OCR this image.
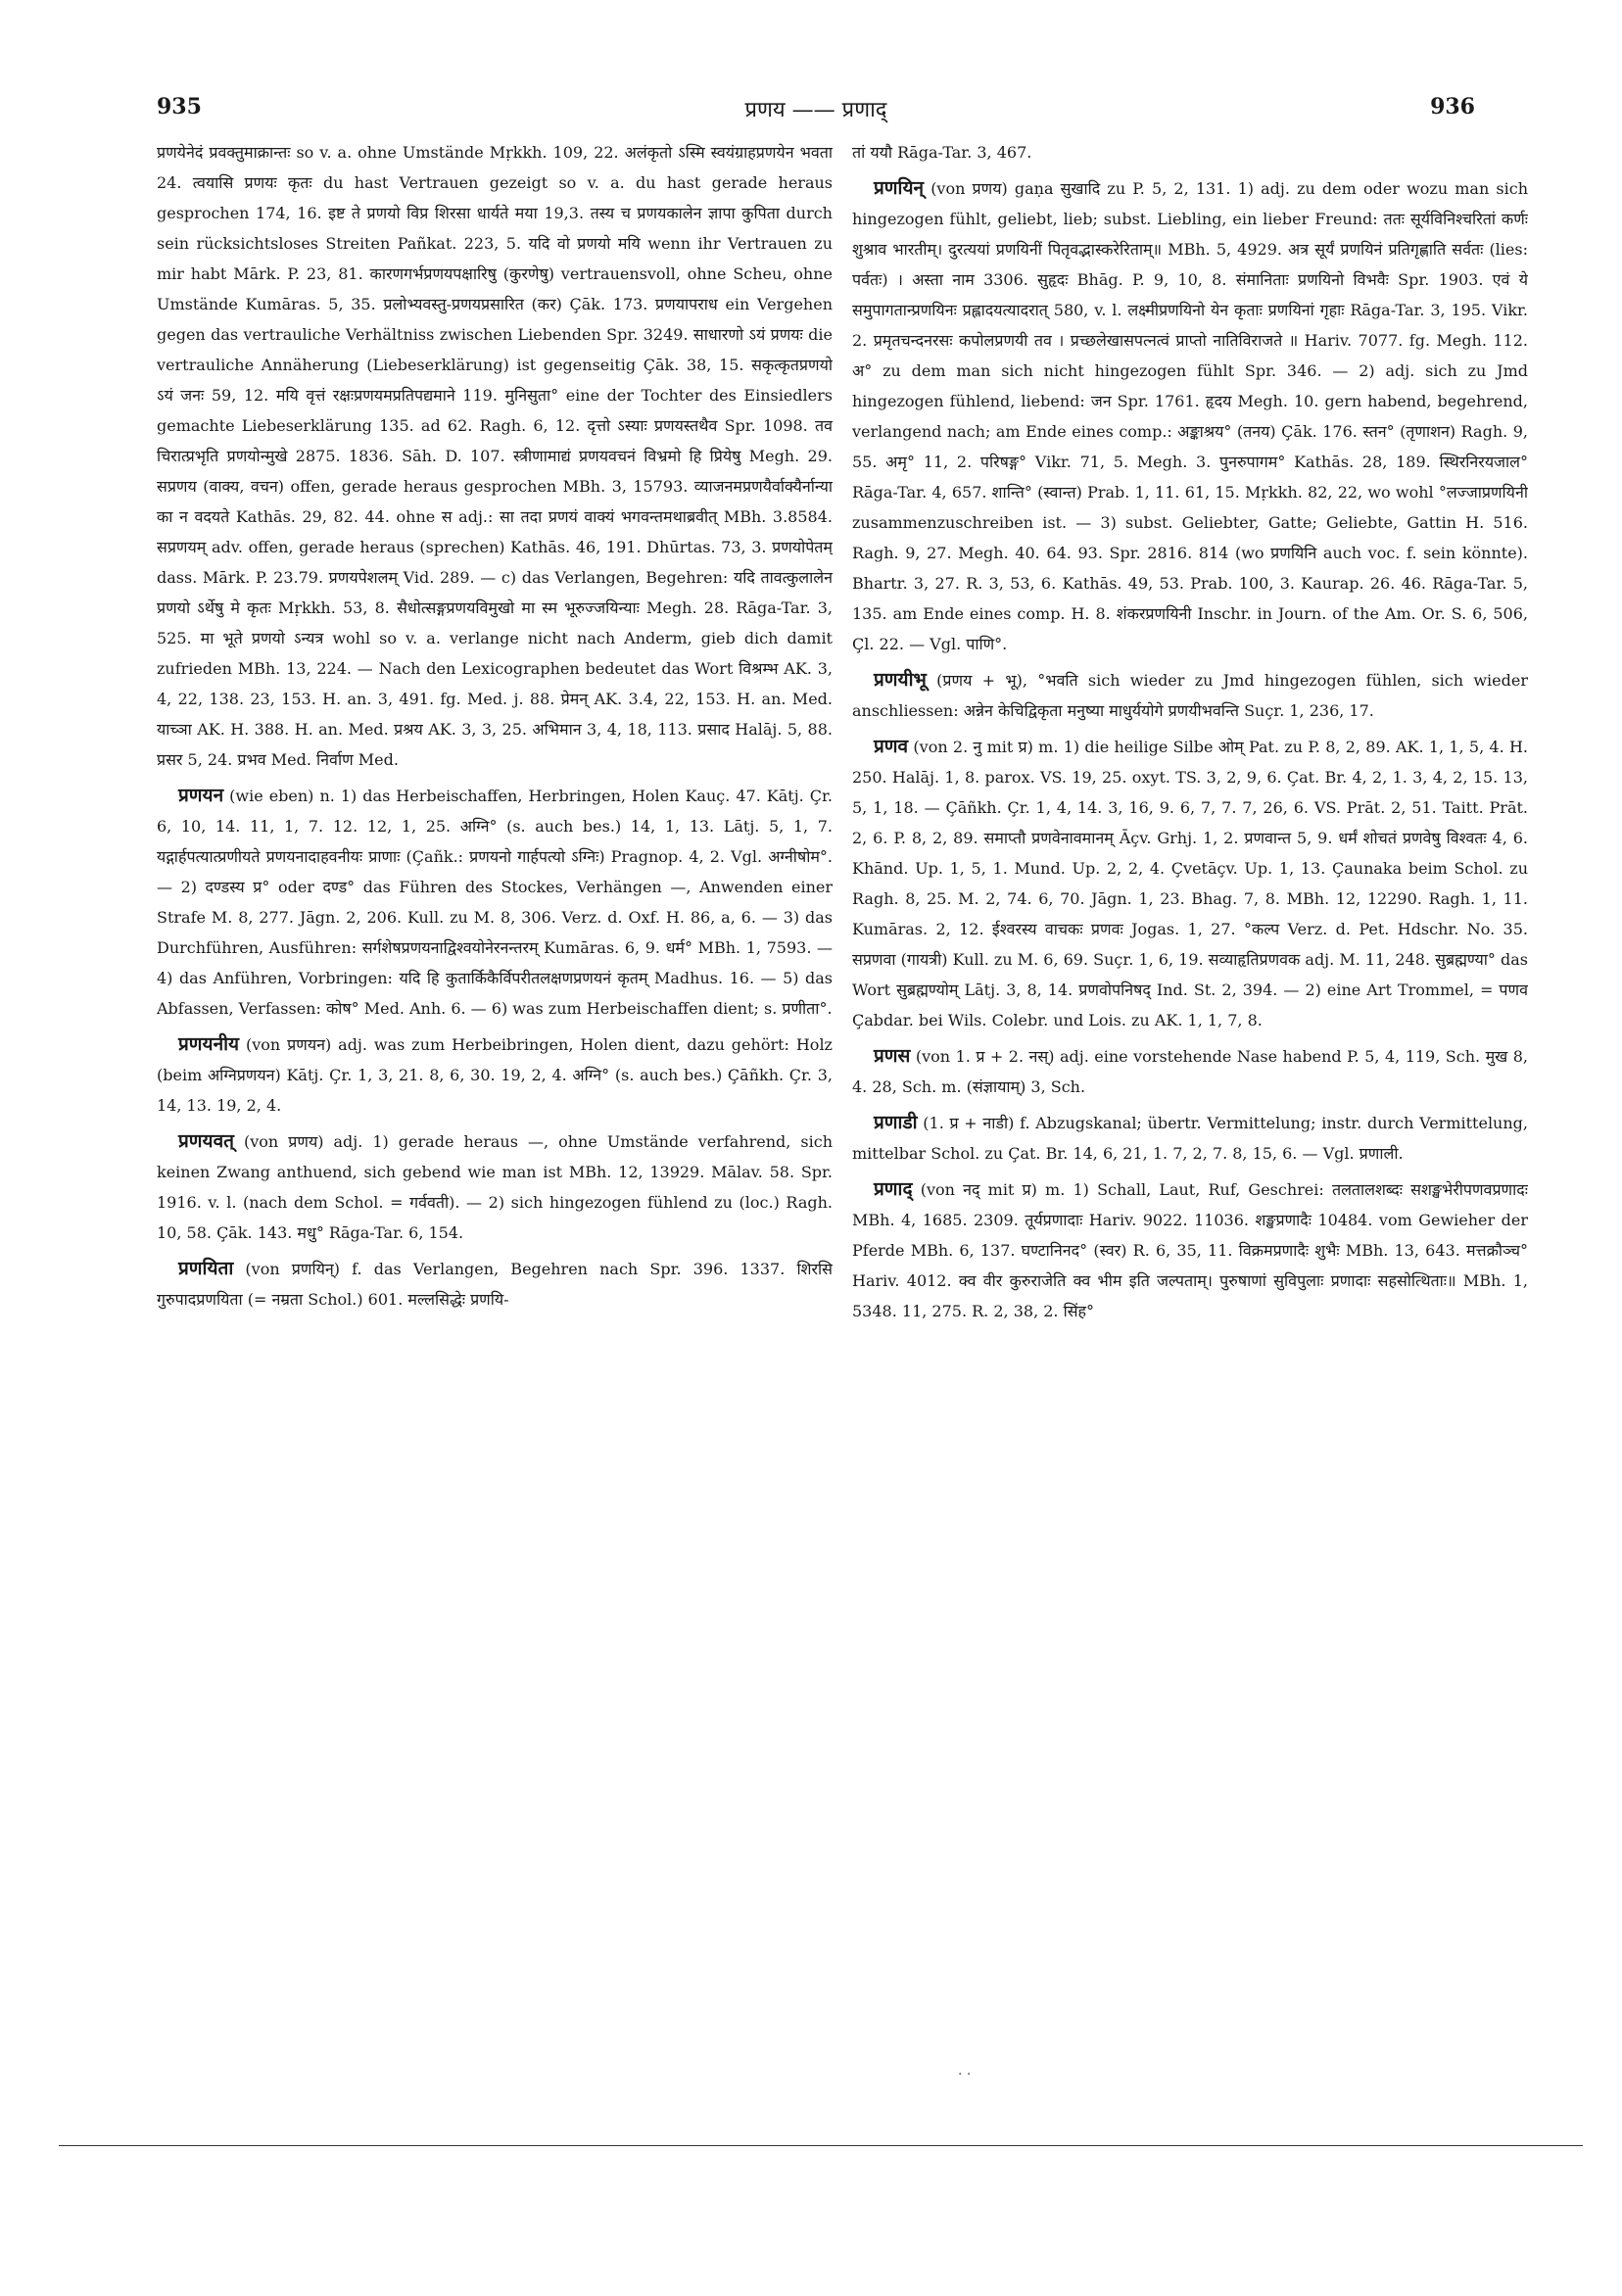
935	प्रणय —— प्रणाद्	936
प्रणयेनेदं प्रवक्तुमाक्रान्तः so v. a. ohne Umstände Mṛkkh. 109, 22. अलंकृतो ऽस्मि स्वयंग्राहप्रणयेन भवता 24. त्वयासि प्रणयः कृतः du hast Vertrauen gezeigt so v. a. du hast gerade heraus gesprochen 174, 16. इष्ट ते प्रणयो विप्र शिरसा धार्यते मया 19,3. तस्य च प्रणयकालेन ज्ञापा कुपिता durch sein rücksichtsloses Streiten Pañkat. 223, 5. यदि वो प्रणयो मयि wenn ihr Vertrauen zu mir habt Mārk. P. 23, 81. कारणगर्भप्रणयपक्षारिषु (कुरणेषु) vertrauensvoll, ohne Scheu, ohne Umstände Kumāras. 5, 35. प्रलोभ्यवस्तु-प्रणयप्रसारित (कर) Çāk. 173. प्रणयापराध ein Vergehen gegen das vertrauliche Verhältniss zwischen Liebenden Spr. 3249. साधारणो ऽयं प्रणयः die vertrauliche Annäherung (Liebeserklärung) ist gegenseitig Çāk. 38, 15. सकृत्कृतप्रणयो ऽयं जनः 59, 12. मयि वृत्तं रक्षःप्रणयमप्रतिपद्यमाने 119. मुनिसुता° eine der Tochter des Einsiedlers gemachte Liebeserklärung 135. ad 62. Ragh. 6, 12. दृत्तो ऽस्याः प्रणयस्तथैव Spr. 1098. तव चिरात्प्रभृति प्रणयोन्मुखे 2875. 1836. Sāh. D. 107. स्त्रीणामाद्यं प्रणयवचनं विभ्रमो हि प्रियेषु Megh. 29. सप्रणय (वाक्य, वचन) offen, gerade heraus gesprochen MBh. 3, 15793. व्याजनमप्रणयैर्वाक्यैर्नान्या का न वदयते Kathās. 29, 82. 44. ohne स adj.: सा तदा प्रणयं वाक्यं भगवन्तमथाब्रवीत् MBh. 3.8584. सप्रणयम् adv. offen, gerade heraus (sprechen) Kathās. 46, 191. Dhūrtas. 73, 3. प्रणयोपेतम् dass. Mārk. P. 23.79. प्रणयपेशलम् Vid. 289. — c) das Verlangen, Begehren: यदि तावत्कुलालेन प्रणयो ऽर्थेषु मे कृतः Mṛkkh. 53, 8. सैधोत्सङ्गप्रणयविमुखो मा स्म भूरुज्जयिन्याः Megh. 28. Rāga-Tar. 3, 525. मा भूते प्रणयो ऽन्यत्र wohl so v. a. verlange nicht nach Anderm, gieb dich damit zufrieden MBh. 13, 224. — Nach den Lexicographen bedeutet das Wort विश्रम्भ AK. 3, 4, 22, 138. 23, 153. H. an. 3, 491. fg. Med. j. 88. प्रेमन् AK. 3.4, 22, 153. H. an. Med. याच्ञा AK. H. 388. H. an. Med. प्रश्रय AK. 3, 3, 25. अभिमान 3, 4, 18, 113. प्रसाद Halāj. 5, 88. प्रसर 5, 24. प्रभव Med. निर्वाण Med.
प्रणयन (wie eben) n. 1) das Herbeischaffen, Herbringen, Holen Kauç. 47. Kātj. Çr. 6, 10, 14. 11, 1, 7. 12. 12, 1, 25. अग्नि° (s. auch bes.) 14, 1, 13. Lātj. 5, 1, 7. यद्गार्हपत्यात्प्रणीयते प्रणयनादाहवनीयः प्राणाः (Çañk.: प्रणयनो गार्हपत्यो ऽग्निः) Pragnop. 4, 2. Vgl. अग्नीषोम°. — 2) दण्डस्य प्र° oder दण्ड° das Führen des Stockes, Verhängen —, Anwenden einer Strafe M. 8, 277. Jāgn. 2, 206. Kull. zu M. 8, 306. Verz. d. Oxf. H. 86, a, 6. — 3) das Durchführen, Ausführen: सर्गशेषप्रणयनाद्विश्वयोनेरनन्तरम् Kumāras. 6, 9. धर्म° MBh. 1, 7593. — 4) das Anführen, Vorbringen: यदि हि कुतार्किकैर्विपरीतलक्षणप्रणयनं कृतम् Madhus. 16. — 5) das Abfassen, Verfassen: कोष° Med. Anh. 6. — 6) was zum Herbeischaffen dient; s. प्रणीता°.
प्रणयनीय (von प्रणयन) adj. was zum Herbeibringen, Holen dient, dazu gehört: Holz (beim अग्निप्रणयन) Kātj. Çr. 1, 3, 21. 8, 6, 30. 19, 2, 4. अग्नि° (s. auch bes.) Çāñkh. Çr. 3, 14, 13. 19, 2, 4.
प्रणयवत् (von प्रणय) adj. 1) gerade heraus —, ohne Umstände verfahrend, sich keinen Zwang anthuend, sich gebend wie man ist MBh. 12, 13929. Mālav. 58. Spr. 1916. v. l. (nach dem Schol. = गर्ववती). — 2) sich hingezogen fühlend zu (loc.) Ragh. 10, 58. Çāk. 143. मधु° Rāga-Tar. 6, 154.
प्रणयिता (von प्रणयिन्) f. das Verlangen, Begehren nach Spr. 396. 1337. शिरसि गुरुपादप्रणयिता (= नम्रता Schol.) 601. मल्लसिद्धेः प्रणयि-
तां ययौ Rāga-Tar. 3, 467.
प्रणयिन् (von प्रणय) gaṇa सुखादि zu P. 5, 2, 131. 1) adj. zu dem oder wozu man sich hingezogen fühlt, geliebt, lieb; subst. Liebling, ein lieber Freund: ततः सूर्यविनिश्चरितां कर्णः शुश्राव भारतीम्। दुरत्ययां प्रणयिनीं पितृवद्भास्करेरिताम्॥ MBh. 5, 4929. अत्र सूर्यं प्रणयिनं प्रतिगृह्णाति सर्वतः (lies: पर्वतः) । अस्ता नाम 3306. सुहृदः Bhāg. P. 9, 10, 8. संमानिताः प्रणयिनो विभवैः Spr. 1903. एवं ये समुपागतान्प्रणयिनः प्रह्लादयत्यादरात् 580, v. l. लक्ष्मीप्रणयिनो येन कृताः प्रणयिनां गृहाः Rāga-Tar. 3, 195. Vikr. 2. प्रमृतचन्दनरसः कपोलप्रणयी तव । प्रच्छलेखासपत्नत्वं प्राप्तो नातिविराजते ॥ Hariv. 7077. fg. Megh. 112. अ° zu dem man sich nicht hingezogen fühlt Spr. 346. — 2) adj. sich zu Jmd hingezogen fühlend, liebend: जन Spr. 1761. हृदय Megh. 10. gern habend, begehrend, verlangend nach; am Ende eines comp.: अङ्काश्रय° (तनय) Çāk. 176. स्तन° (तृणाशन) Ragh. 9, 55. अमृ° 11, 2. परिषङ्ग° Vikr. 71, 5. Megh. 3. पुनरुपागम° Kathās. 28, 189. स्थिरनिरयजाल° Rāga-Tar. 4, 657. शान्ति° (स्वान्त) Prab. 1, 11. 61, 15. Mṛkkh. 82, 22, wo wohl °लज्जाप्रणयिनी zusammenzuschreiben ist. — 3) subst. Geliebter, Gatte; Geliebte, Gattin H. 516. Ragh. 9, 27. Megh. 40. 64. 93. Spr. 2816. 814 (wo प्रणयिनि auch voc. f. sein könnte). Bhartr. 3, 27. R. 3, 53, 6. Kathās. 49, 53. Prab. 100, 3. Kaurap. 26. 46. Rāga-Tar. 5, 135. am Ende eines comp. H. 8. शंकरप्रणयिनी Inschr. in Journ. of the Am. Or. S. 6, 506, Çl. 22. — Vgl. पाणि°.
प्रणयीभू (प्रणय + भू), °भवति sich wieder zu Jmd hingezogen fühlen, sich wieder anschliessen: अन्नेन केचिद्विकृता मनुष्या माधुर्ययोगे प्रणयीभवन्ति Suçr. 1, 236, 17.
प्रणव (von 2. नु mit प्र) m. 1) die heilige Silbe ओम् Pat. zu P. 8, 2, 89. AK. 1, 1, 5, 4. H. 250. Halāj. 1, 8. parox. VS. 19, 25. oxyt. TS. 3, 2, 9, 6. Çat. Br. 4, 2, 1. 3, 4, 2, 15. 13, 5, 1, 18. — Çāñkh. Çr. 1, 4, 14. 3, 16, 9. 6, 7, 7. 7, 26, 6. VS. Prāt. 2, 51. Taitt. Prāt. 2, 6. P. 8, 2, 89. समाप्तौ प्रणवेनावमानम् Āçv. Grhj. 1, 2. प्रणवान्त 5, 9. धर्मं शोचतं प्रणवेषु विश्वतः 4, 6. Khānd. Up. 1, 5, 1. Mund. Up. 2, 2, 4. Çvetāçv. Up. 1, 13. Çaunaka beim Schol. zu Ragh. 8, 25. M. 2, 74. 6, 70. Jāgn. 1, 23. Bhag. 7, 8. MBh. 12, 12290. Ragh. 1, 11. Kumāras. 2, 12. ईश्वरस्य वाचकः प्रणवः Jogas. 1, 27. °कल्प Verz. d. Pet. Hdschr. No. 35. सप्रणवा (गायत्री) Kull. zu M. 6, 69. Suçr. 1, 6, 19. सव्याहृतिप्रणवक adj. M. 11, 248. सुब्रह्मण्या° das Wort सुब्रह्मण्योम् Lātj. 3, 8, 14. प्रणवोपनिषद् Ind. St. 2, 394. — 2) eine Art Trommel, = पणव Çabdar. bei Wils. Colebr. und Lois. zu AK. 1, 1, 7, 8.
प्रणस (von 1. प्र + 2. नस्) adj. eine vorstehende Nase habend P. 5, 4, 119, Sch. मुख 8, 4. 28, Sch. m. (संज्ञायाम्) 3, Sch.
प्रणाडी (1. प्र + नाडी) f. Abzugskanal; übertr. Vermittelung; instr. durch Vermittelung, mittelbar Schol. zu Çat. Br. 14, 6, 21, 1. 7, 2, 7. 8, 15, 6. — Vgl. प्रणाली.
प्रणाद् (von नद् mit प्र) m. 1) Schall, Laut, Ruf, Geschrei: तलतालशब्दः सशङ्खभेरीपणवप्रणादः MBh. 4, 1685. 2309. तूर्यप्रणादाः Hariv. 9022. 11036. शङ्खप्रणादैः 10484. vom Gewieher der Pferde MBh. 6, 137. घण्टानिनद° (स्वर) R. 6, 35, 11. विक्रमप्रणादैः शुभैः MBh. 13, 643. मत्तक्रौञ्च° Hariv. 4012. क्व वीर कुरुराजेति क्व भीम इति जल्पताम्। पुरुषाणां सुविपुलाः प्रणादाः सहसोत्थिताः॥ MBh. 1, 5348. 11, 275. R. 2, 38, 2. सिंह°
· ·
